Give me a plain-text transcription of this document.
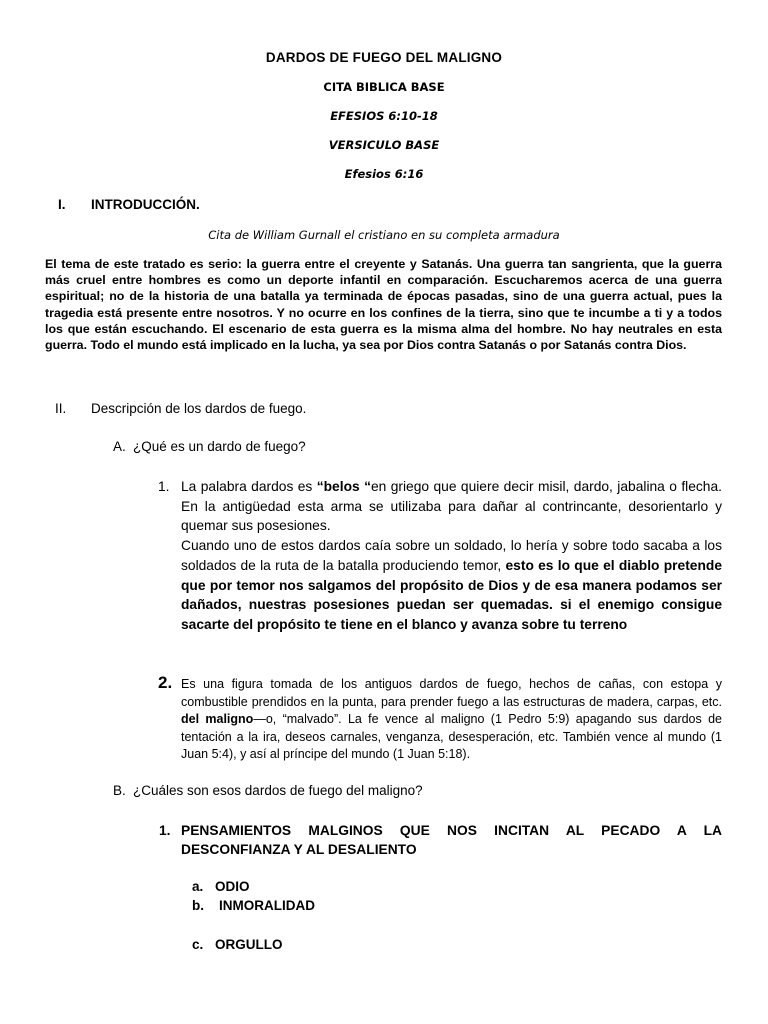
DARDOS DE FUEGO DEL MALIGNO
CITA BIBLICA BASE
EFESIOS 6:10-18
VERSICULO BASE
Efesios 6:16
I. INTRODUCCIÓN.
Cita de William Gurnall el cristiano en su completa armadura

El tema de este tratado es serio: la guerra entre el creyente y Satanás. Una guerra tan sangrienta, que la guerra más cruel entre hombres es como un deporte infantil en comparación. Escucharemos acerca de una guerra espiritual; no de la historia de una batalla ya terminada de épocas pasadas, sino de una guerra actual, pues la tragedia está presente entre nosotros. Y no ocurre en los confines de la tierra, sino que te incumbe a ti y a todos los que están escuchando. El escenario de esta guerra es la misma alma del hombre. No hay neutrales en esta guerra. Todo el mundo está implicado en la lucha, ya sea por Dios contra Satanás o por Satanás contra Dios.

II. Descripción de los dardos de fuego.
A. ¿Qué es un dardo de fuego?
1. La palabra dardos es “belos “en griego que quiere decir misil, dardo, jabalina o flecha. En la antigüedad esta arma se utilizaba para dañar al contrincante, desorientarlo y quemar sus posesiones.
Cuando uno de estos dardos caía sobre un soldado, lo hería y sobre todo sacaba a los soldados de la ruta de la batalla produciendo temor, esto es lo que el diablo pretende que por temor nos salgamos del propósito de Dios y de esa manera podamos ser dañados, nuestras posesiones puedan ser quemadas. si el enemigo consigue sacarte del propósito te tiene en el blanco y avanza sobre tu terreno
2. Es una figura tomada de los antiguos dardos de fuego, hechos de cañas, con estopa y combustible prendidos en la punta, para prender fuego a las estructuras de madera, carpas, etc. del maligno—o, “malvado”. La fe vence al maligno (1 Pedro 5:9) apagando sus dardos de tentación a la ira, deseos carnales, venganza, desesperación, etc. También vence al mundo (1 Juan 5:4), y así al príncipe del mundo (1 Juan 5:18).
B. ¿Cuáles son esos dardos de fuego del maligno?
1. PENSAMIENTOS MALGINOS QUE NOS INCITAN AL PECADO A LA DESCONFIANZA Y AL DESALIENTO
a. ODIO
b. INMORALIDAD
c. ORGULLO
